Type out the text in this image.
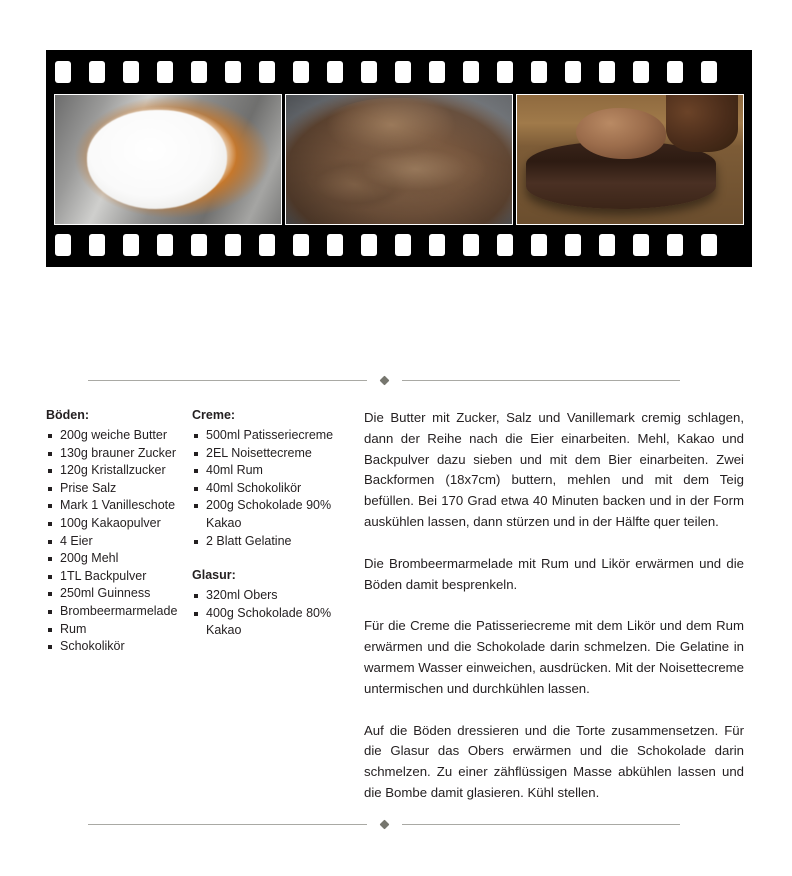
Böden:
200g weiche Butter
130g brauner Zucker
120g Kristallzucker
Prise Salz
Mark 1 Vanilleschote
100g Kakaopulver
4 Eier
200g Mehl
1TL Backpulver
250ml Guinness
Brombeermarmelade
Rum
Schokolikör
Creme:
500ml Patisseriecreme
2EL Noisettecreme
40ml Rum
40ml Schokolikör
200g Schokolade 90% Kakao
2 Blatt Gelatine
Glasur:
320ml Obers
400g Schokolade 80% Kakao

Die Butter mit Zucker, Salz und Vanillemark cremig schlagen, dann der Reihe nach die Eier einarbeiten. Mehl, Kakao und Backpulver dazu sieben und mit dem Bier einarbeiten. Zwei Backformen (18x7cm) buttern, mehlen und mit dem Teig befüllen. Bei 170 Grad etwa 40 Minuten backen und in der Form auskühlen lassen, dann stürzen und in der Hälfte quer teilen.

Die Brombeermarmelade mit Rum und Likör erwärmen und die Böden damit besprenkeln.

Für die Creme die Patisseriecreme mit dem Likör und dem Rum erwärmen und die Schokolade darin schmelzen. Die Gelatine in warmem Wasser einweichen, ausdrücken. Mit der Noisettecreme untermischen und durchkühlen lassen.

Auf die Böden dressieren und die Torte zusammensetzen. Für die Glasur das Obers erwärmen und die Schokolade darin schmelzen. Zu einer zähflüssigen Masse abkühlen lassen und die Bombe damit glasieren. Kühl stellen.
